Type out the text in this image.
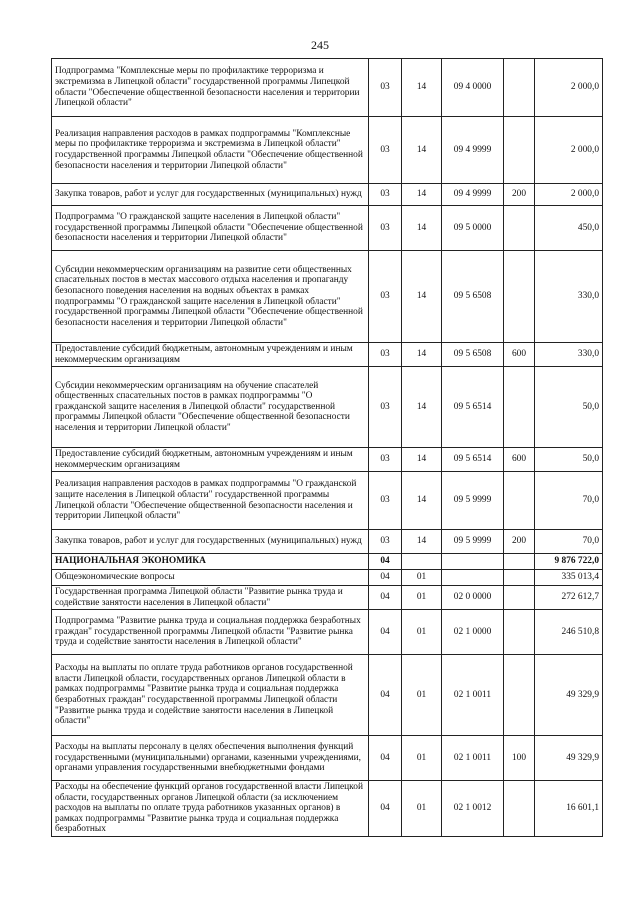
245
Подпрограмма "Комплексные меры по профилактике терроризма и экстремизма в Липецкой области" государственной программы Липецкой области "Обеспечение общественной безопасности населения и территории Липецкой области"	03	14	09 4 0000		2 000,0
Реализация направления расходов в рамках подпрограммы "Комплексные меры по профилактике терроризма и экстремизма в Липецкой области" государственной программы Липецкой области "Обеспечение общественной безопасности населения и территории Липецкой области"	03	14	09 4 9999		2 000,0
Закупка товаров, работ и услуг для государственных (муниципальных) нужд	03	14	09 4 9999	200	2 000,0
Подпрограмма "О гражданской защите населения в Липецкой области" государственной программы Липецкой области "Обеспечение общественной безопасности населения и территории Липецкой области"	03	14	09 5 0000		450,0
Субсидии некоммерческим организациям на развитие сети общественных спасательных постов в местах массового отдыха населения и пропаганду безопасного поведения населения на водных объектах в рамках подпрограммы "О гражданской защите населения в Липецкой области" государственной программы Липецкой области "Обеспечение общественной безопасности населения и территории Липецкой области"	03	14	09 5 6508		330,0
Предоставление субсидий бюджетным, автономным учреждениям и иным некоммерческим организациям	03	14	09 5 6508	600	330,0
Субсидии некоммерческим организациям на обучение спасателей общественных спасательных постов в рамках подпрограммы "О гражданской защите населения в Липецкой области" государственной программы Липецкой области "Обеспечение общественной безопасности населения и территории Липецкой области"	03	14	09 5 6514		50,0
Предоставление субсидий бюджетным, автономным учреждениям и иным некоммерческим организациям	03	14	09 5 6514	600	50,0
Реализация направления расходов в рамках подпрограммы "О гражданской защите населения в Липецкой области" государственной программы Липецкой области "Обеспечение общественной безопасности населения и территории Липецкой области"	03	14	09 5 9999		70,0
Закупка товаров, работ и услуг для государственных (муниципальных) нужд	03	14	09 5 9999	200	70,0
НАЦИОНАЛЬНАЯ ЭКОНОМИКА	04				9 876 722,0
Общеэкономические вопросы	04	01			335 013,4
Государственная программа Липецкой области "Развитие рынка труда и содействие занятости населения в Липецкой области"	04	01	02 0 0000		272 612,7
Подпрограмма "Развитие рынка труда и социальная поддержка безработных граждан" государственной программы Липецкой области "Развитие рынка труда и содействие занятости населения в Липецкой области"	04	01	02 1 0000		246 510,8
Расходы на выплаты по оплате труда работников органов государственной власти Липецкой области, государственных органов Липецкой области в рамках подпрограммы "Развитие рынка труда и социальная поддержка безработных граждан" государственной программы Липецкой области "Развитие рынка труда и содействие занятости населения в Липецкой области"	04	01	02 1 0011		49 329,9
Расходы на выплаты персоналу в целях обеспечения выполнения функций государственными (муниципальными) органами, казенными учреждениями, органами управления государственными внебюджетными фондами	04	01	02 1 0011	100	49 329,9
Расходы на обеспечение функций органов государственной власти Липецкой области, государственных органов Липецкой области (за исключением расходов на выплаты по оплате труда работников указанных органов) в рамках подпрограммы "Развитие рынка труда и социальная поддержка безработных	04	01	02 1 0012		16 601,1
